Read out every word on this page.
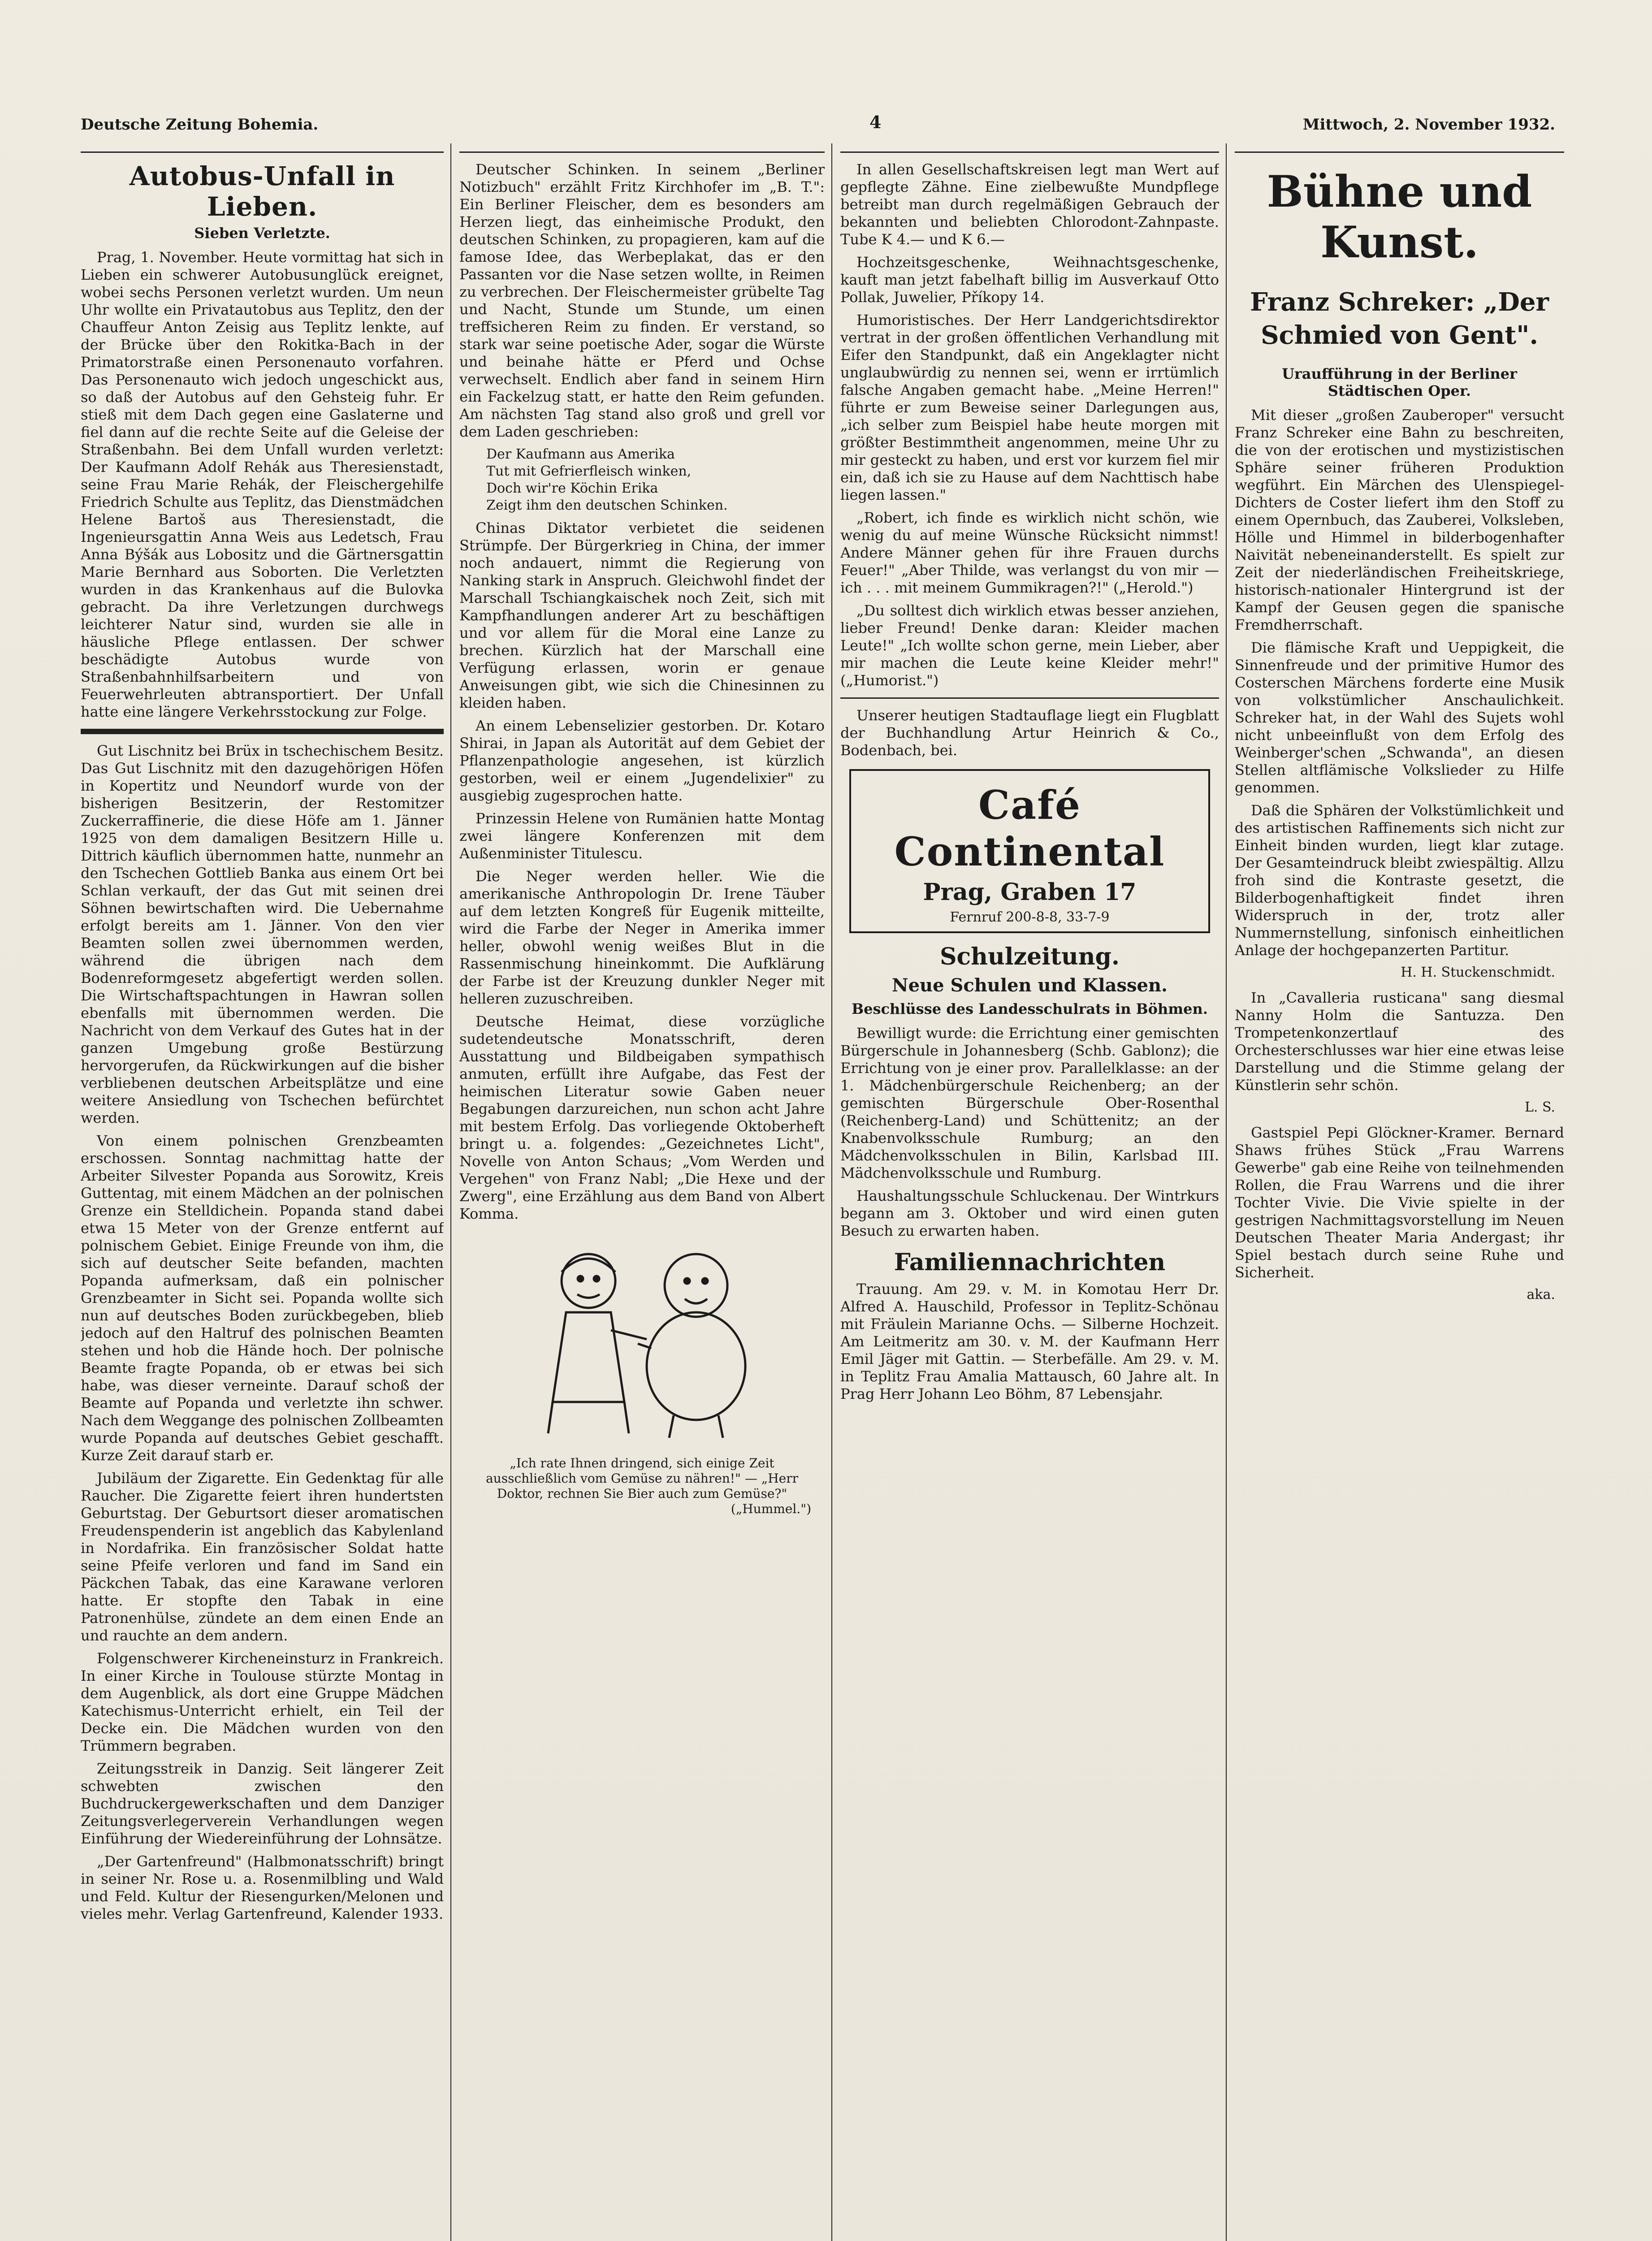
Deutsche Zeitung Bohemia.	4	Mittwoch, 2. November 1932.
Autobus-Unfall in Lieben.
Sieben Verletzte.

Prag, 1. November. Heute vormittag hat sich in Lieben ein schwerer Autobusunglück ereignet, wobei sechs Personen verletzt wurden. Um neun Uhr wollte ein Privatautobus aus Teplitz, den der Chauffeur Anton Zeisig aus Teplitz lenkte, auf der Brücke über den Rokitka-Bach in der Primatorstraße einen Personenauto vorfahren. Das Personenauto wich jedoch ungeschickt aus, so daß der Autobus auf den Gehsteig fuhr. Er stieß mit dem Dach gegen eine Gaslaterne und fiel dann auf die rechte Seite auf die Geleise der Straßenbahn. Bei dem Unfall wurden verletzt: Der Kaufmann Adolf Rehák aus Theresienstadt, seine Frau Marie Rehák, der Fleischergehilfe Friedrich Schulte aus Teplitz, das Dienstmädchen Helene Bartoš aus Theresienstadt, die Ingenieursgattin Anna Weis aus Ledetsch, Frau Anna Býšák aus Lobositz und die Gärtnersgattin Marie Bernhard aus Soborten. Die Verletzten wurden in das Krankenhaus auf die Bulovka gebracht. Da ihre Verletzungen durchwegs leichterer Natur sind, wurden sie alle in häusliche Pflege entlassen. Der schwer beschädigte Autobus wurde von Straßenbahnhilfsarbeitern und von Feuerwehrleuten abtransportiert. Der Unfall hatte eine längere Verkehrsstockung zur Folge.

Gut Lischnitz bei Brüx in tschechischem Besitz. Das Gut Lischnitz mit den dazugehörigen Höfen in Kopertitz und Neundorf wurde von der bisherigen Besitzerin, der Restomitzer Zuckerraffinerie, die diese Höfe am 1. Jänner 1925 von dem damaligen Besitzern Hille u. Dittrich käuflich übernommen hatte, nunmehr an den Tschechen Gottlieb Banka aus einem Ort bei Schlan verkauft, der das Gut mit seinen drei Söhnen bewirtschaften wird. Die Uebernahme erfolgt bereits am 1. Jänner. Von den vier Beamten sollen zwei übernommen werden, während die übrigen nach dem Bodenreformgesetz abgefertigt werden sollen. Die Wirtschaftspachtungen in Hawran sollen ebenfalls mit übernommen werden. Die Nachricht von dem Verkauf des Gutes hat in der ganzen Umgebung große Bestürzung hervorgerufen, da Rückwirkungen auf die bisher verbliebenen deutschen Arbeitsplätze und eine weitere Ansiedlung von Tschechen befürchtet werden.

Von einem polnischen Grenzbeamten erschossen. Sonntag nachmittag hatte der Arbeiter Silvester Popanda aus Sorowitz, Kreis Guttentag, mit einem Mädchen an der polnischen Grenze ein Stelldichein. Popanda stand dabei etwa 15 Meter von der Grenze entfernt auf polnischem Gebiet. Einige Freunde von ihm, die sich auf deutscher Seite befanden, machten Popanda aufmerksam, daß ein polnischer Grenzbeamter in Sicht sei. Popanda wollte sich nun auf deutsches Boden zurückbegeben, blieb jedoch auf den Haltruf des polnischen Beamten stehen und hob die Hände hoch. Der polnische Beamte fragte Popanda, ob er etwas bei sich habe, was dieser verneinte. Darauf schoß der Beamte auf Popanda und verletzte ihn schwer. Nach dem Weggange des polnischen Zollbeamten wurde Popanda auf deutsches Gebiet geschafft. Kurze Zeit darauf starb er.

Jubiläum der Zigarette. Ein Gedenktag für alle Raucher. Die Zigarette feiert ihren hundertsten Geburtstag. Der Geburtsort dieser aromatischen Freudenspenderin ist angeblich das Kabylenland in Nordafrika. Ein französischer Soldat hatte seine Pfeife verloren und fand im Sand ein Päckchen Tabak, das eine Karawane verloren hatte. Er stopfte den Tabak in eine Patronenhülse, zündete an dem einen Ende an und rauchte an dem andern.

Folgenschwerer Kircheneinsturz in Frankreich. In einer Kirche in Toulouse stürzte Montag in dem Augenblick, als dort eine Gruppe Mädchen Katechismus-Unterricht erhielt, ein Teil der Decke ein. Die Mädchen wurden von den Trümmern begraben.

Zeitungsstreik in Danzig. Seit längerer Zeit schwebten zwischen den Buchdruckergewerkschaften und dem Danziger Zeitungsverlegerverein Verhandlungen wegen Einführung der Wiedereinführung der Lohnsätze.

„Der Gartenfreund" (Halbmonatsschrift) bringt in seiner Nr. Rose u. a. Rosenmilbling und Wald und Feld. Kultur der Riesengurken/Melonen und vieles mehr. Verlag Gartenfreund, Kalender 1933.

Deutscher Schinken. In seinem „Berliner Notizbuch" erzählt Fritz Kirchhofer im „B. T.": Ein Berliner Fleischer, dem es besonders am Herzen liegt, das einheimische Produkt, den deutschen Schinken, zu propagieren, kam auf die famose Idee, das Werbeplakat, das er den Passanten vor die Nase setzen wollte, in Reimen zu verbrechen. Der Fleischermeister grübelte Tag und Nacht, Stunde um Stunde, um einen treffsicheren Reim zu finden. Er verstand, so stark war seine poetische Ader, sogar die Würste und beinahe hätte er Pferd und Ochse verwechselt. Endlich aber fand in seinem Hirn ein Fackelzug statt, er hatte den Reim gefunden. Am nächsten Tag stand also groß und grell vor dem Laden geschrieben:

Der Kaufmann aus Amerika
Tut mit Gefrierfleisch winken,
Doch wir're Köchin Erika
Zeigt ihm den deutschen Schinken.

Chinas Diktator verbietet die seidenen Strümpfe. Der Bürgerkrieg in China, der immer noch andauert, nimmt die Regierung von Nanking stark in Anspruch. Gleichwohl findet der Marschall Tschiangkaischek noch Zeit, sich mit Kampfhandlungen anderer Art zu beschäftigen und vor allem für die Moral eine Lanze zu brechen. Kürzlich hat der Marschall eine Verfügung erlassen, worin er genaue Anweisungen gibt, wie sich die Chinesinnen zu kleiden haben.

An einem Lebenselizier gestorben. Dr. Kotaro Shirai, in Japan als Autorität auf dem Gebiet der Pflanzenpathologie angesehen, ist kürzlich gestorben, weil er einem „Jugendelixier" zu ausgiebig zugesprochen hatte.

Prinzessin Helene von Rumänien hatte Montag zwei längere Konferenzen mit dem Außenminister Titulescu.

Die Neger werden heller. Wie die amerikanische Anthropologin Dr. Irene Täuber auf dem letzten Kongreß für Eugenik mitteilte, wird die Farbe der Neger in Amerika immer heller, obwohl wenig weißes Blut in die Rassenmischung hineinkommt. Die Aufklärung der Farbe ist der Kreuzung dunkler Neger mit helleren zuzuschreiben.

Deutsche Heimat, diese vorzügliche sudetendeutsche Monatsschrift, deren Ausstattung und Bildbeigaben sympathisch anmuten, erfüllt ihre Aufgabe, das Fest der heimischen Literatur sowie Gaben neuer Begabungen darzureichen, nun schon acht Jahre mit bestem Erfolg. Das vorliegende Oktoberheft bringt u. a. folgendes: „Gezeichnetes Licht", Novelle von Anton Schaus; „Vom Werden und Vergehen" von Franz Nabl; „Die Hexe und der Zwerg", eine Erzählung aus dem Band von Albert Komma.

„Ich rate Ihnen dringend, sich einige Zeit ausschließlich vom Gemüse zu nähren!" — „Herr Doktor, rechnen Sie Bier auch zum Gemüse?"

(„Hummel.")

In allen Gesellschaftskreisen legt man Wert auf gepflegte Zähne. Eine zielbewußte Mundpflege betreibt man durch regelmäßigen Gebrauch der bekannten und beliebten Chlorodont-Zahnpaste. Tube K 4.— und K 6.—

Hochzeitsgeschenke, Weihnachtsgeschenke, kauft man jetzt fabelhaft billig im Ausverkauf Otto Pollak, Juwelier, Příkopy 14.

Humoristisches. Der Herr Landgerichtsdirektor vertrat in der großen öffentlichen Verhandlung mit Eifer den Standpunkt, daß ein Angeklagter nicht unglaubwürdig zu nennen sei, wenn er irrtümlich falsche Angaben gemacht habe. „Meine Herren!" führte er zum Beweise seiner Darlegungen aus, „ich selber zum Beispiel habe heute morgen mit größter Bestimmtheit angenommen, meine Uhr zu mir gesteckt zu haben, und erst vor kurzem fiel mir ein, daß ich sie zu Hause auf dem Nachttisch habe liegen lassen."

„Robert, ich finde es wirklich nicht schön, wie wenig du auf meine Wünsche Rücksicht nimmst! Andere Männer gehen für ihre Frauen durchs Feuer!" „Aber Thilde, was verlangst du von mir — ich . . . mit meinem Gummikragen?!" („Herold.")

„Du solltest dich wirklich etwas besser anziehen, lieber Freund! Denke daran: Kleider machen Leute!" „Ich wollte schon gerne, mein Lieber, aber mir machen die Leute keine Kleider mehr!" („Humorist.")

Unserer heutigen Stadtauflage liegt ein Flugblatt der Buchhandlung Artur Heinrich & Co., Bodenbach, bei.

Café Continental
Prag, Graben 17
Fernruf 200-8-8, 33-7-9
Schulzeitung.
Neue Schulen und Klassen.
Beschlüsse des Landesschulrats in Böhmen.

Bewilligt wurde: die Errichtung einer gemischten Bürgerschule in Johannesberg (Schb. Gablonz); die Errichtung von je einer prov. Parallelklasse: an der 1. Mädchenbürgerschule Reichenberg; an der gemischten Bürgerschule Ober-Rosenthal (Reichenberg-Land) und Schüttenitz; an der Knabenvolksschule Rumburg; an den Mädchenvolksschulen in Bilin, Karlsbad III. Mädchenvolksschule und Rumburg.

Haushaltungsschule Schluckenau. Der Wintrkurs begann am 3. Oktober und wird einen guten Besuch zu erwarten haben.

Familiennachrichten

Trauung. Am 29. v. M. in Komotau Herr Dr. Alfred A. Hauschild, Professor in Teplitz-Schönau mit Fräulein Marianne Ochs. — Silberne Hochzeit. Am Leitmeritz am 30. v. M. der Kaufmann Herr Emil Jäger mit Gattin. — Sterbefälle. Am 29. v. M. in Teplitz Frau Amalia Mattausch, 60 Jahre alt. In Prag Herr Johann Leo Böhm, 87 Lebensjahr.

Bühne und Kunst.
Franz Schreker: „Der Schmied von Gent".
Uraufführung in der Berliner Städtischen Oper.

Mit dieser „großen Zauberoper" versucht Franz Schreker eine Bahn zu beschreiten, die von der erotischen und mystizistischen Sphäre seiner früheren Produktion wegführt. Ein Märchen des Ulenspiegel-Dichters de Coster liefert ihm den Stoff zu einem Opernbuch, das Zauberei, Volksleben, Hölle und Himmel in bilderbogenhafter Naivität nebeneinanderstellt. Es spielt zur Zeit der niederländischen Freiheitskriege, historisch-nationaler Hintergrund ist der Kampf der Geusen gegen die spanische Fremdherrschaft.

Die flämische Kraft und Ueppigkeit, die Sinnenfreude und der primitive Humor des Costerschen Märchens forderte eine Musik von volkstümlicher Anschaulichkeit. Schreker hat, in der Wahl des Sujets wohl nicht unbeeinflußt von dem Erfolg des Weinberger'schen „Schwanda", an diesen Stellen altflämische Volkslieder zu Hilfe genommen.

Daß die Sphären der Volkstümlichkeit und des artistischen Raffinements sich nicht zur Einheit binden wurden, liegt klar zutage. Der Gesamteindruck bleibt zwiespältig. Allzu froh sind die Kontraste gesetzt, die Bilderbogenhaftigkeit findet ihren Widerspruch in der, trotz aller Nummernstellung, sinfonisch einheitlichen Anlage der hochgepanzerten Partitur.

H. H. Stuckenschmidt.

In „Cavalleria rusticana" sang diesmal Nanny Holm die Santuzza. Den Trompetenkonzertlauf des Orchesterschlusses war hier eine etwas leise Darstellung und die Stimme gelang der Künstlerin sehr schön.

L. S.

Gastspiel Pepi Glöckner-Kramer. Bernard Shaws frühes Stück „Frau Warrens Gewerbe" gab eine Reihe von teilnehmenden Rollen, die Frau Warrens und die ihrer Tochter Vivie. Die Vivie spielte in der gestrigen Nachmittagsvorstellung im Neuen Deutschen Theater Maria Andergast; ihr Spiel bestach durch seine Ruhe und Sicherheit.

aka.
